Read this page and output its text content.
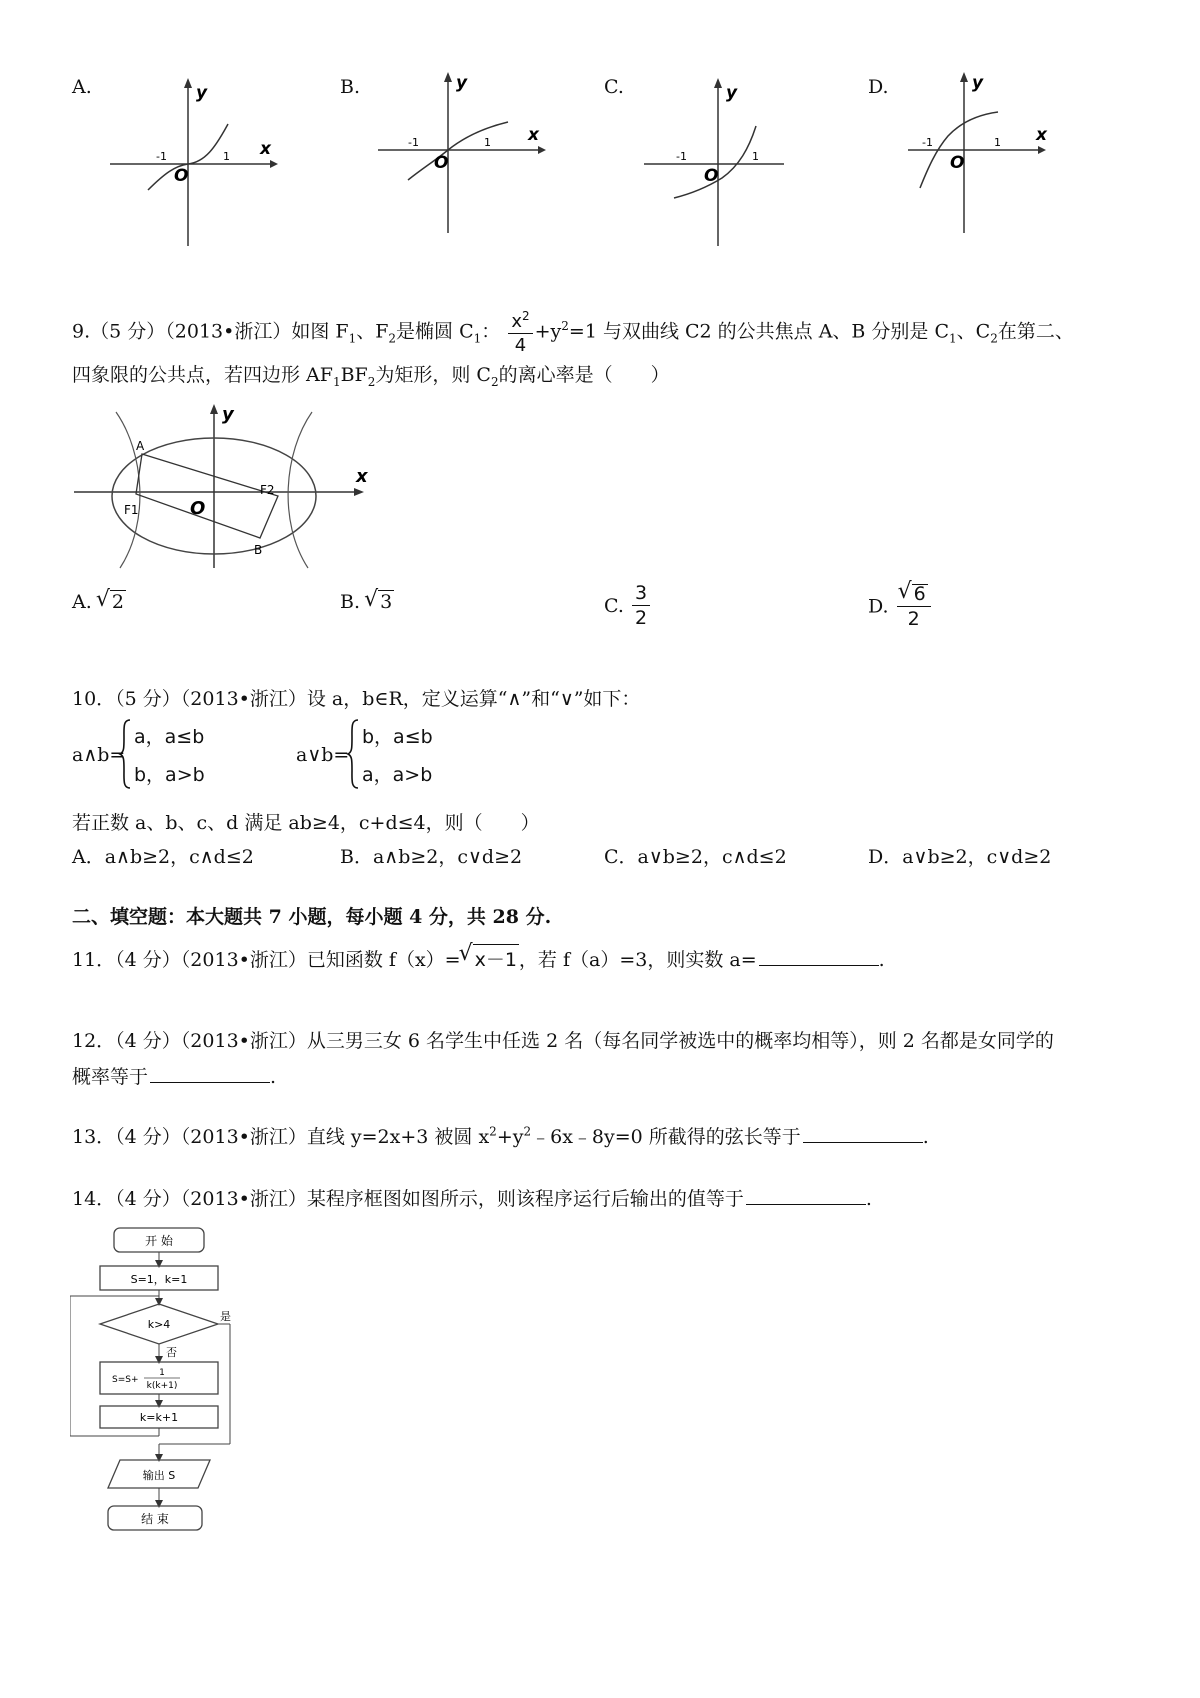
A.	B.	C.	D.
y
x
O
-1	1
y
x
O
-1	1
y
O
-1	1
y
x
O
-1	1
9.（5 分）（2013•浙江）如图 $F_1$、$F_2$是椭圆 $C_1$： $\frac{x^2}{4} +y^2=1$ 与双曲线 C2 的公共焦点 A、B 分别是 $C_1$、$C_2$在第二、
四象限的公共点，若四边形 $AF_1BF_2$为矩形，则 $C_2$的离心率是（　　）
A
B
F1
F2
O
x
y
A. √ 2	B. √ 3	C. $\frac{3}{2}$	D. √ $\frac{6}{2}$
10．（5 分）（2013•浙江）设 a，b∈R，定义运算“∧”和“∨”如下：
a∧b=
a，a≤b
b，a>b
a∨b=
b，a≤b
a，a>b
若正数 a、b、c、d 满足 ab≥4，c+d≤4，则（　　）
A．a∧b≥2，c∧d≤2	B．a∧b≥2，c∨d≥2	C．a∨b≥2，c∧d≤2	D．a∨b≥2，c∨d≥2
二、填空题：本大题共 7 小题，每小题 4 分，共 28 分.
11．（4 分）（2013•浙江）已知函数 f（x）= √ x－1 ，若 f（a）=3，则实数 a=	.
12．（4 分）（2013•浙江）从三男三女 6 名学生中任选 2 名（每名同学被选中的概率均相等），则 2 名都是女同学的
概率等于	.
13．（4 分）（2013•浙江）直线 y=2x+3 被圆 $x^2+y^2﹣6x﹣8y=0$ 所截得的弦长等于	.
14．（4 分）（2013•浙江）某程序框图如图所示，则该程序运行后输出的值等于	.
开 始
S=1，k=1
k>4
是
否
S=S+
1
k(k+1)
k=k+1
输出 S
结 束
